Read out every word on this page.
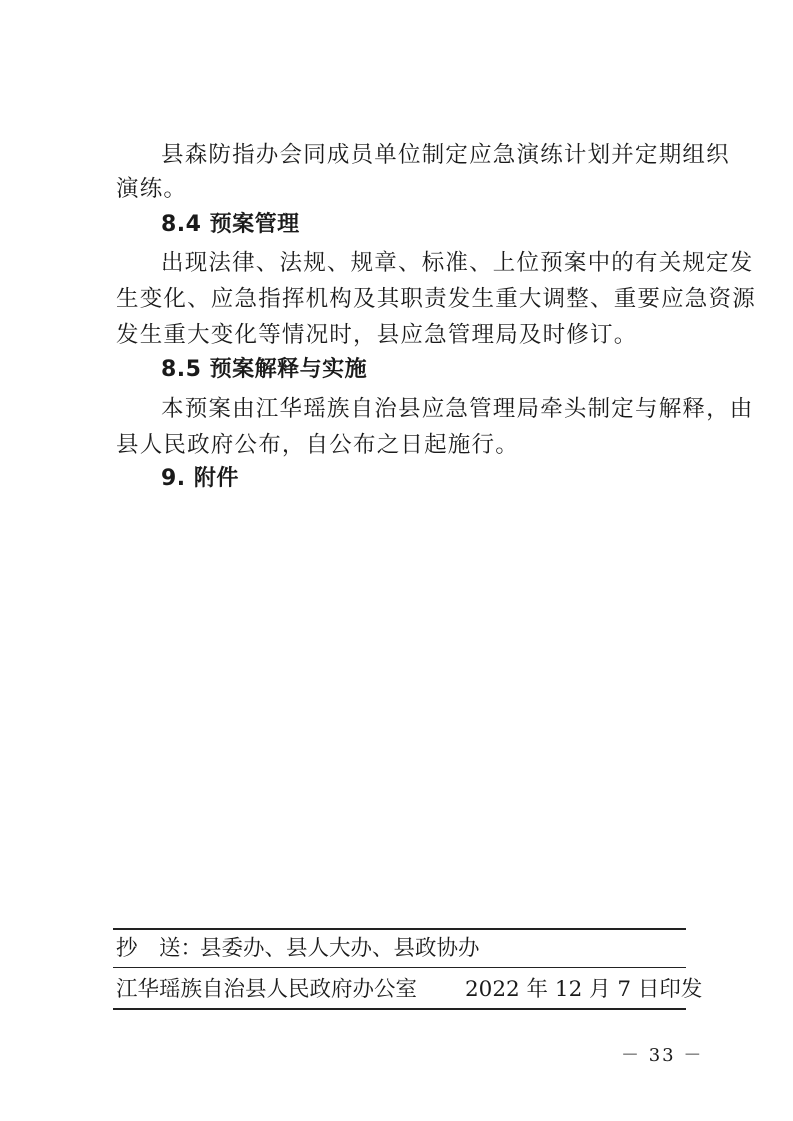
县森防指办会同成员单位制定应急演练计划并定期组织
演练。
8.4 预案管理
出现法律、法规、规章、标准、上位预案中的有关规定发
生变化、应急指挥机构及其职责发生重大调整、重要应急资源
发生重大变化等情况时，县应急管理局及时修订。
8.5 预案解释与实施
本预案由江华瑶族自治县应急管理局牵头制定与解释，由
县人民政府公布，自公布之日起施行。
9. 附件
抄　送：
县委办、县人大办、县政协办
江华瑶族自治县人民政府办公室 2022 年 12 月 7 日印发
－ 33 －
